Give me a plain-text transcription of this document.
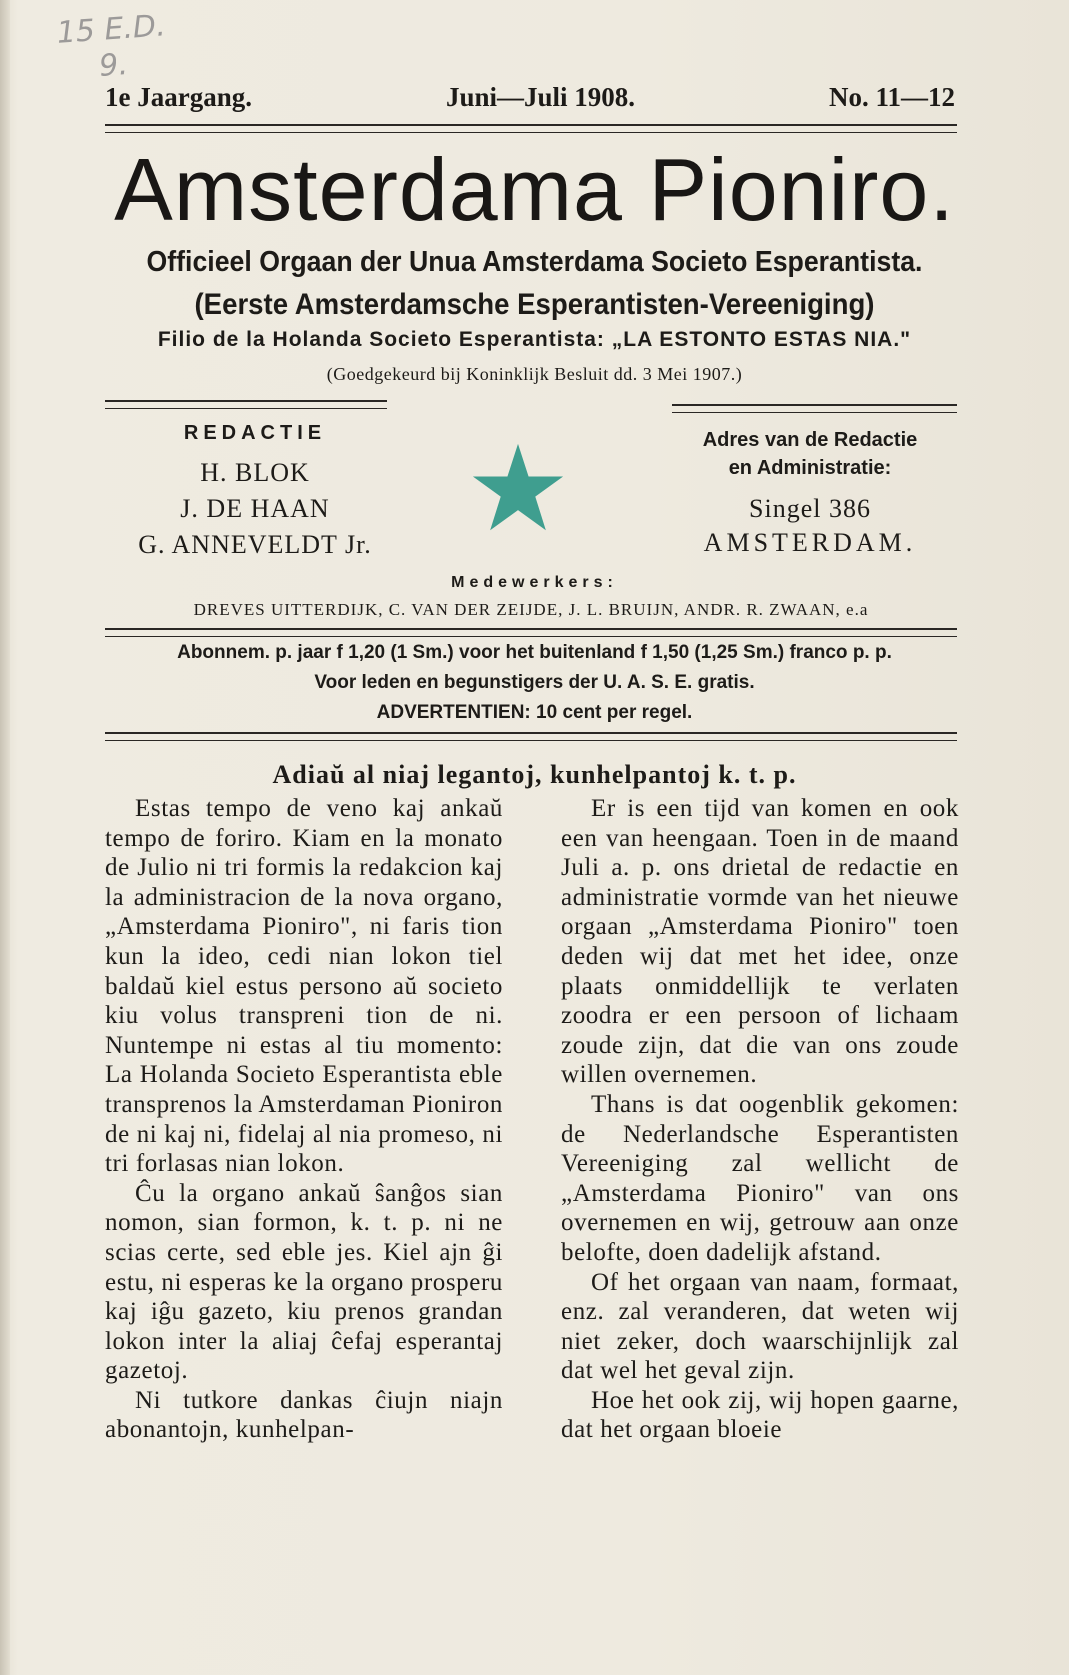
15 E.D.
9.
1e Jaargang.	Juni—Juli 1908.	No. 11—12
Amsterdama Pioniro.
Officieel Orgaan der Unua Amsterdama Societo Esperantista.
(Eerste Amsterdamsche Esperantisten-Vereeniging)
Filio de la Holanda Societo Esperantista: „LA ESTONTO ESTAS NIA."
(Goedgekeurd bij Koninklijk Besluit dd. 3 Mei 1907.)
REDACTIE
H. BLOK
J. DE HAAN
G. ANNEVELDT Jr.
Adres van de Redactie
en Administratie:
Singel 386
AMSTERDAM.
Medewerkers:
DREVES UITTERDIJK, C. VAN DER ZEIJDE, J. L. BRUIJN, ANDR. R. ZWAAN, e.a
Abonnem. p. jaar f 1,20 (1 Sm.) voor het buitenland f 1,50 (1,25 Sm.) franco p. p.
Voor leden en begunstigers der U. A. S. E. gratis.
ADVERTENTIEN: 10 cent per regel.
Adiaŭ al niaj legantoj, kunhelpantoj k. t. p.

Estas tempo de veno kaj ankaŭ tempo de foriro. Kiam en la monato de Julio ni tri formis la redakcion kaj la administracion de la nova organo, „Amsterdama Pioniro", ni faris tion kun la ideo, cedi nian lokon tiel baldaŭ kiel estus persono aŭ societo kiu volus transpreni tion de ni. Nuntempe ni estas al tiu momento: La Holanda Societo Esperantista eble transprenos la Amsterdaman Pioniron de ni kaj ni, fidelaj al nia promeso, ni tri forlasas nian lokon.

Ĉu la organo ankaŭ ŝanĝos sian nomon, sian formon, k. t. p. ni ne scias certe, sed eble jes. Kiel ajn ĝi estu, ni esperas ke la organo prosperu kaj iĝu gazeto, kiu prenos grandan lokon inter la aliaj ĉefaj esperantaj gazetoj.

Ni tutkore dankas ĉiujn niajn abonantojn, kunhelpan-

Er is een tijd van komen en ook een van heengaan. Toen in de maand Juli a. p. ons drietal de redactie en administratie vormde van het nieuwe orgaan „Amsterdama Pioniro" toen deden wij dat met het idee, onze plaats onmiddellijk te verlaten zoodra er een persoon of lichaam zoude zijn, dat die van ons zoude willen overnemen.

Thans is dat oogenblik gekomen: de Nederlandsche Esperantisten Vereeniging zal wellicht de „Amsterdama Pioniro" van ons overnemen en wij, getrouw aan onze belofte, doen dadelijk afstand.

Of het orgaan van naam, formaat, enz. zal veranderen, dat weten wij niet zeker, doch waarschijnlijk zal dat wel het geval zijn.

Hoe het ook zij, wij hopen gaarne, dat het orgaan bloeie
